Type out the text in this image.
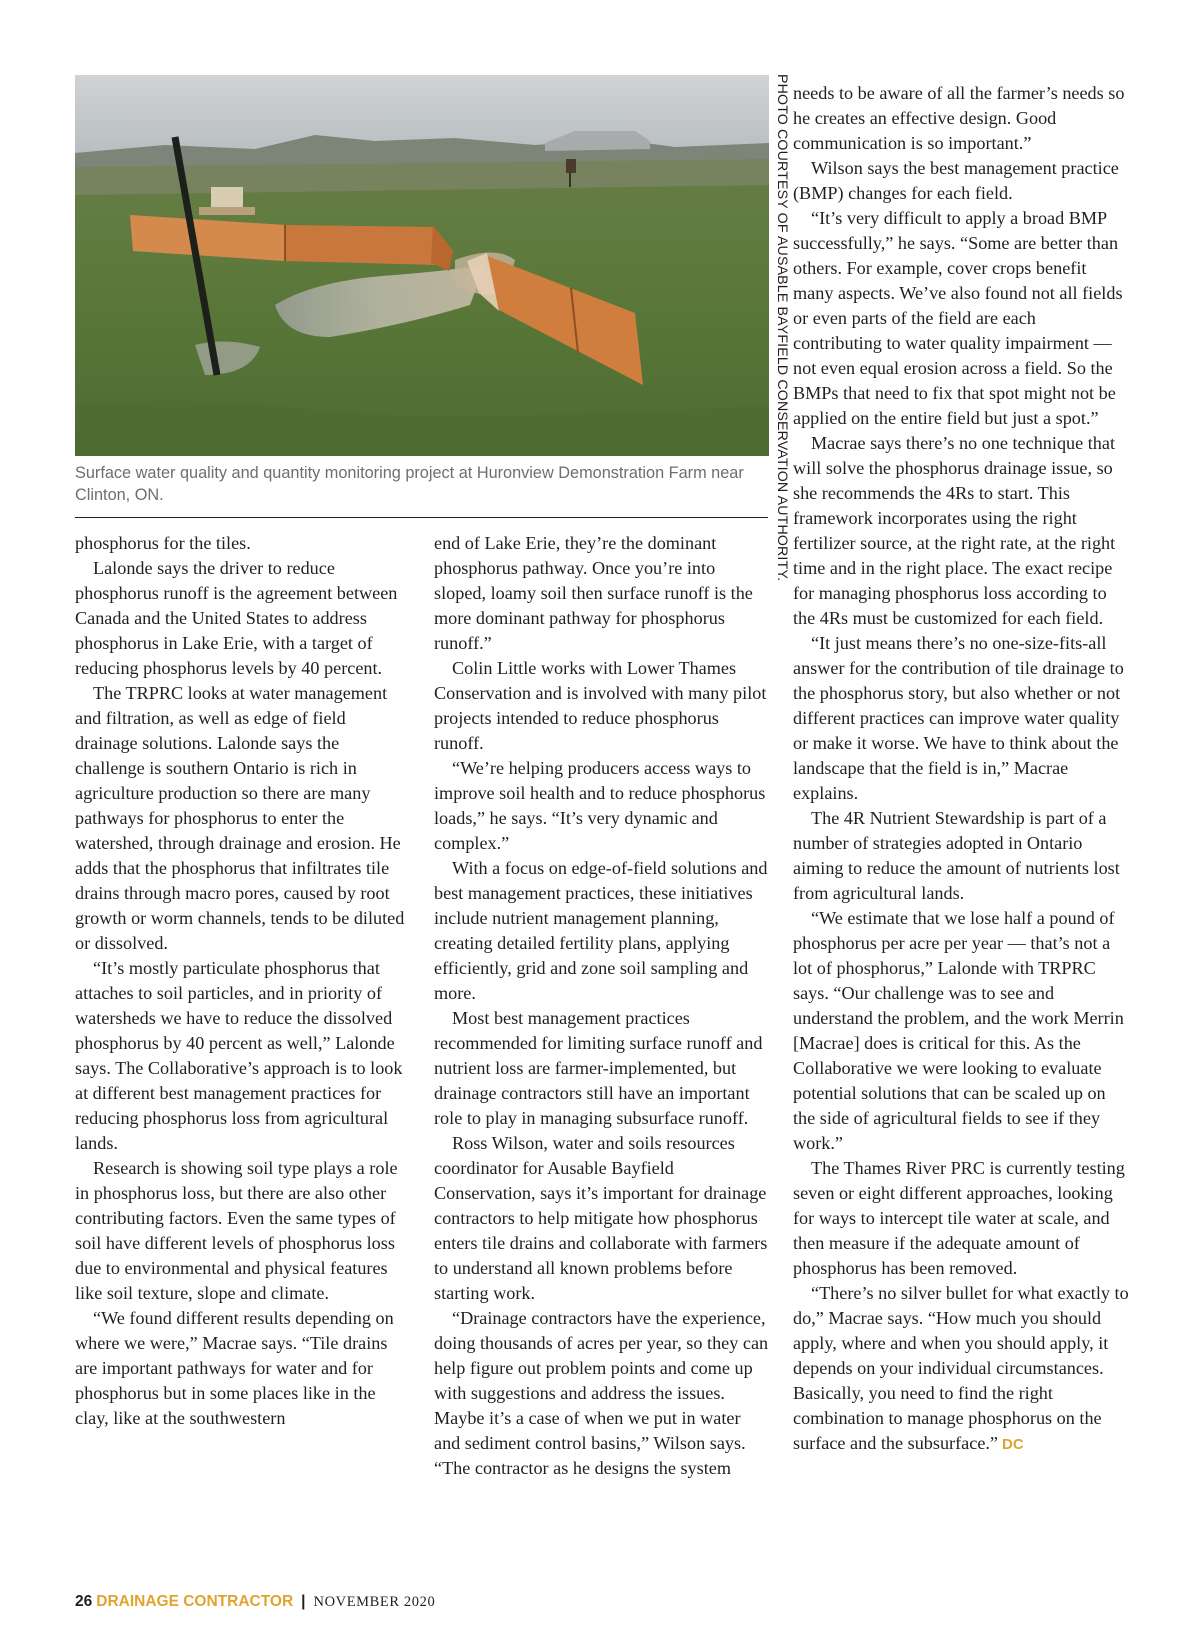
PHOTO COURTESY OF AUSABLE BAYFIELD CONSERVATION AUTHORITY.
Surface water quality and quantity monitoring project at Huronview Demonstration Farm near Clinton, ON.

phosphorus for the tiles.

Lalonde says the driver to reduce phosphorus runoff is the agreement between Canada and the United States to address phosphorus in Lake Erie, with a target of reducing phosphorus levels by 40 percent.

The TRPRC looks at water management and filtration, as well as edge of field drainage solutions. Lalonde says the challenge is southern Ontario is rich in agriculture production so there are many pathways for phosphorus to enter the watershed, through drainage and erosion. He adds that the phosphorus that infiltrates tile drains through macro pores, caused by root growth or worm channels, tends to be diluted or dissolved.

“It’s mostly particulate phosphorus that attaches to soil particles, and in priority of watersheds we have to reduce the dissolved phosphorus by 40 percent as well,” Lalonde says. The Collaborative’s approach is to look at different best management practices for reducing phosphorus loss from agricultural lands.

Research is showing soil type plays a role in phosphorus loss, but there are also other contributing factors. Even the same types of soil have different levels of phosphorus loss due to environmental and physical features like soil texture, slope and climate.

“We found different results depending on where we were,” Macrae says. “Tile drains are important pathways for water and for phosphorus but in some places like in the clay, like at the southwestern

end of Lake Erie, they’re the dominant phosphorus pathway. Once you’re into sloped, loamy soil then surface runoff is the more dominant pathway for phosphorus runoff.”

Colin Little works with Lower Thames Conservation and is involved with many pilot projects intended to reduce phosphorus runoff.

“We’re helping producers access ways to improve soil health and to reduce phosphorus loads,” he says. “It’s very dynamic and complex.”

With a focus on edge-of-field solutions and best management practices, these initiatives include nutrient management planning, creating detailed fertility plans, applying efficiently, grid and zone soil sampling and more.

Most best management practices recommended for limiting surface runoff and nutrient loss are farmer-implemented, but drainage contractors still have an important role to play in managing subsurface runoff.

Ross Wilson, water and soils resources coordinator for Ausable Bayfield Conservation, says it’s important for drainage contractors to help mitigate how phosphorus enters tile drains and collaborate with farmers to understand all known problems before starting work.

“Drainage contractors have the experience, doing thousands of acres per year, so they can help figure out problem points and come up with suggestions and address the issues. Maybe it’s a case of when we put in water and sediment control basins,” Wilson says. “The contractor as he designs the system

needs to be aware of all the farmer’s needs so he creates an effective design. Good communication is so important.”

Wilson says the best management practice (BMP) changes for each field.

“It’s very difficult to apply a broad BMP successfully,” he says. “Some are better than others. For example, cover crops benefit many aspects. We’ve also found not all fields or even parts of the field are each contributing to water quality impairment — not even equal erosion across a field. So the BMPs that need to fix that spot might not be applied on the entire field but just a spot.”

Macrae says there’s no one technique that will solve the phosphorus drainage issue, so she recommends the 4Rs to start. This framework incorporates using the right fertilizer source, at the right rate, at the right time and in the right place. The exact recipe for managing phosphorus loss according to the 4Rs must be customized for each field.

“It just means there’s no one-size-fits-all answer for the contribution of tile drainage to the phosphorus story, but also whether or not different practices can improve water quality or make it worse. We have to think about the landscape that the field is in,” Macrae explains.

The 4R Nutrient Stewardship is part of a number of strategies adopted in Ontario aiming to reduce the amount of nutrients lost from agricultural lands.

“We estimate that we lose half a pound of phosphorus per acre per year — that’s not a lot of phosphorus,” Lalonde with TRPRC says. “Our challenge was to see and understand the problem, and the work Merrin [Macrae] does is critical for this. As the Collaborative we were looking to evaluate potential solutions that can be scaled up on the side of agricultural fields to see if they work.”

The Thames River PRC is currently testing seven or eight different approaches, looking for ways to intercept tile water at scale, and then measure if the adequate amount of phosphorus has been removed.

“There’s no silver bullet for what exactly to do,” Macrae says. “How much you should apply, where and when you should apply, it depends on your individual circumstances. Basically, you need to find the right combination to manage phosphorus on the surface and the subsurface.” DC

26 DRAINAGE CONTRACTOR | NOVEMBER 2020
